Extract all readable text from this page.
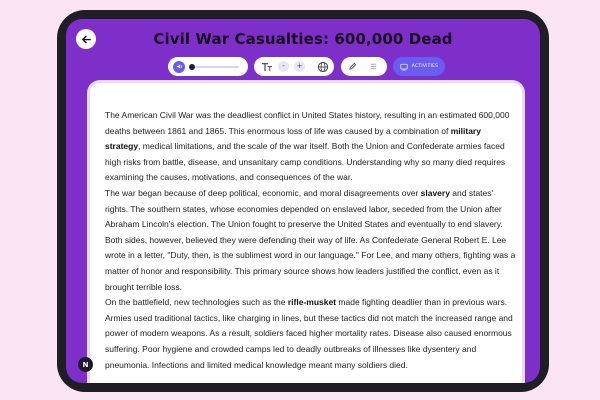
Civil War Casualties: 600,000 Dead
-	+	ACTIVITIES

The American Civil War was the deadliest conflict in United States history, resulting in an estimated 600,000 deaths between 1861 and 1865. This enormous loss of life was caused by a combination of military strategy, medical limitations, and the scale of the war itself. Both the Union and Confederate armies faced high risks from battle, disease, and unsanitary camp conditions. Understanding why so many died requires examining the causes, motivations, and consequences of the war.

The war began because of deep political, economic, and moral disagreements over slavery and states' rights. The southern states, whose economies depended on enslaved labor, seceded from the Union after Abraham Lincoln's election. The Union fought to preserve the United States and eventually to end slavery. Both sides, however, believed they were defending their way of life. As Confederate General Robert E. Lee wrote in a letter, "Duty, then, is the sublimest word in our language." For Lee, and many others, fighting was a matter of honor and responsibility. This primary source shows how leaders justified the conflict, even as it brought terrible loss.

On the battlefield, new technologies such as the rifle-musket made fighting deadlier than in previous wars. Armies used traditional tactics, like charging in lines, but these tactics did not match the increased range and power of modern weapons. As a result, soldiers faced higher mortality rates. Disease also caused enormous suffering. Poor hygiene and crowded camps led to deadly outbreaks of illnesses like dysentery and pneumonia. Infections and limited medical knowledge meant many soldiers died.

N
